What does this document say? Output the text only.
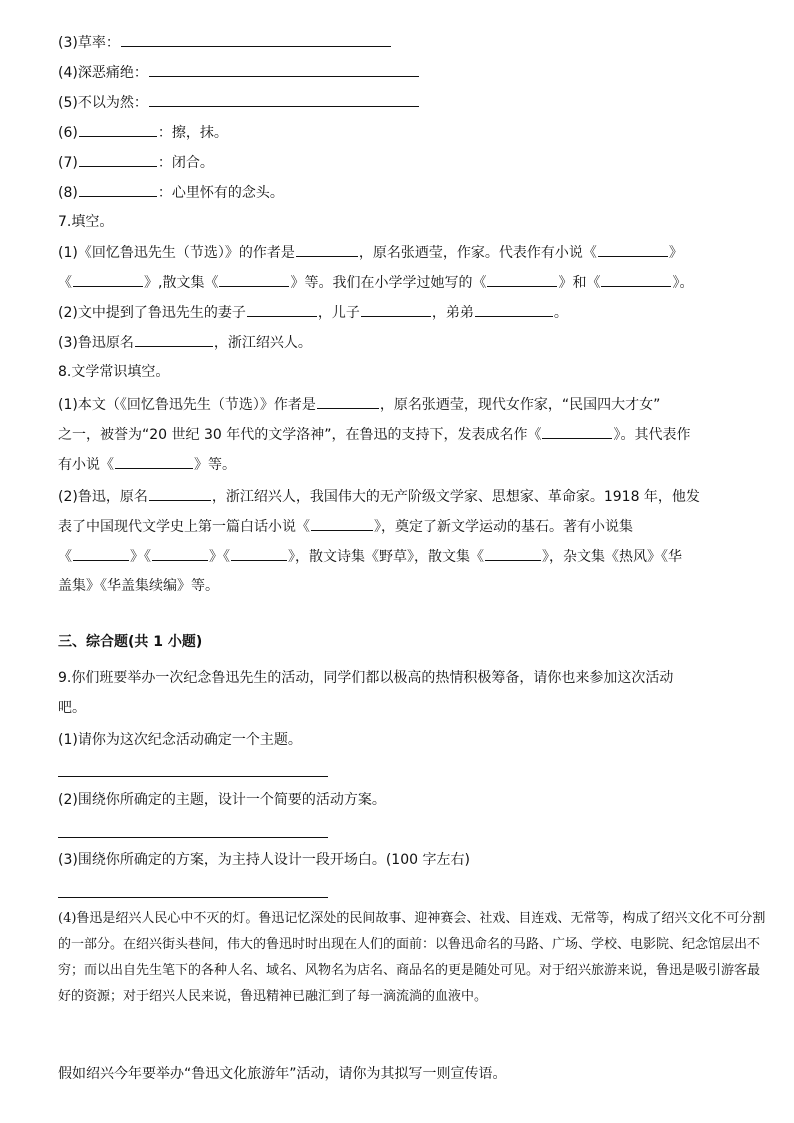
(3)草率：
(4)深恶痛绝：
(5)不以为然：
(6)	：擦，抹。
(7)	：闭合。
(8)	：心里怀有的念头。
7.填空。
(1)《回忆鲁迅先生（节选）》的作者是	，原名张迺莹，作家。代表作有小说《	》
《	》,散文集《	》等。我们在小学学过她写的《	》和《	》。
(2)文中提到了鲁迅先生的妻子	，儿子	，弟弟	。
(3)鲁迅原名	，浙江绍兴人。
8.文学常识填空。
(1)本文（《回忆鲁迅先生（节选）》作者是	，原名张迺莹，现代女作家，“民国四大才女”
之一，被誉为“20 世纪 30 年代的文学洛神”，在鲁迅的支持下，发表成名作《	》。其代表作
有小说《	》等。
(2)鲁迅，原名	，浙江绍兴人，我国伟大的无产阶级文学家、思想家、革命家。1918 年，他发
表了中国现代文学史上第一篇白话小说《	》，奠定了新文学运动的基石。著有小说集
《	》《	》《	》，散文诗集《野草》，散文集《	》，杂文集《热风》《华
盖集》《华盖集续编》等。
三、综合题(共 1 小题)
9.你们班要举办一次纪念鲁迅先生的活动，同学们都以极高的热情积极筹备，请你也来参加这次活动
吧。
(1)请你为这次纪念活动确定一个主题。
(2)围绕你所确定的主题，设计一个简要的活动方案。
(3)围绕你所确定的方案，为主持人设计一段开场白。(100 字左右)
(4)鲁迅是绍兴人民心中不灭的灯。鲁迅记忆深处的民间故事、迎神赛会、社戏、目连戏、无常等，构成了绍兴文化不可分割的一部分。在绍兴街头巷间，伟大的鲁迅时时出现在人们的面前：以鲁迅命名的马路、广场、学校、电影院、纪念馆层出不穷；而以出自先生笔下的各种人名、域名、风物名为店名、商品名的更是随处可见。对于绍兴旅游来说，鲁迅是吸引游客最好的资源；对于绍兴人民来说，鲁迅精神已融汇到了每一滴流淌的血液中。
假如绍兴今年要举办“鲁迅文化旅游年”活动，请你为其拟写一则宣传语。
